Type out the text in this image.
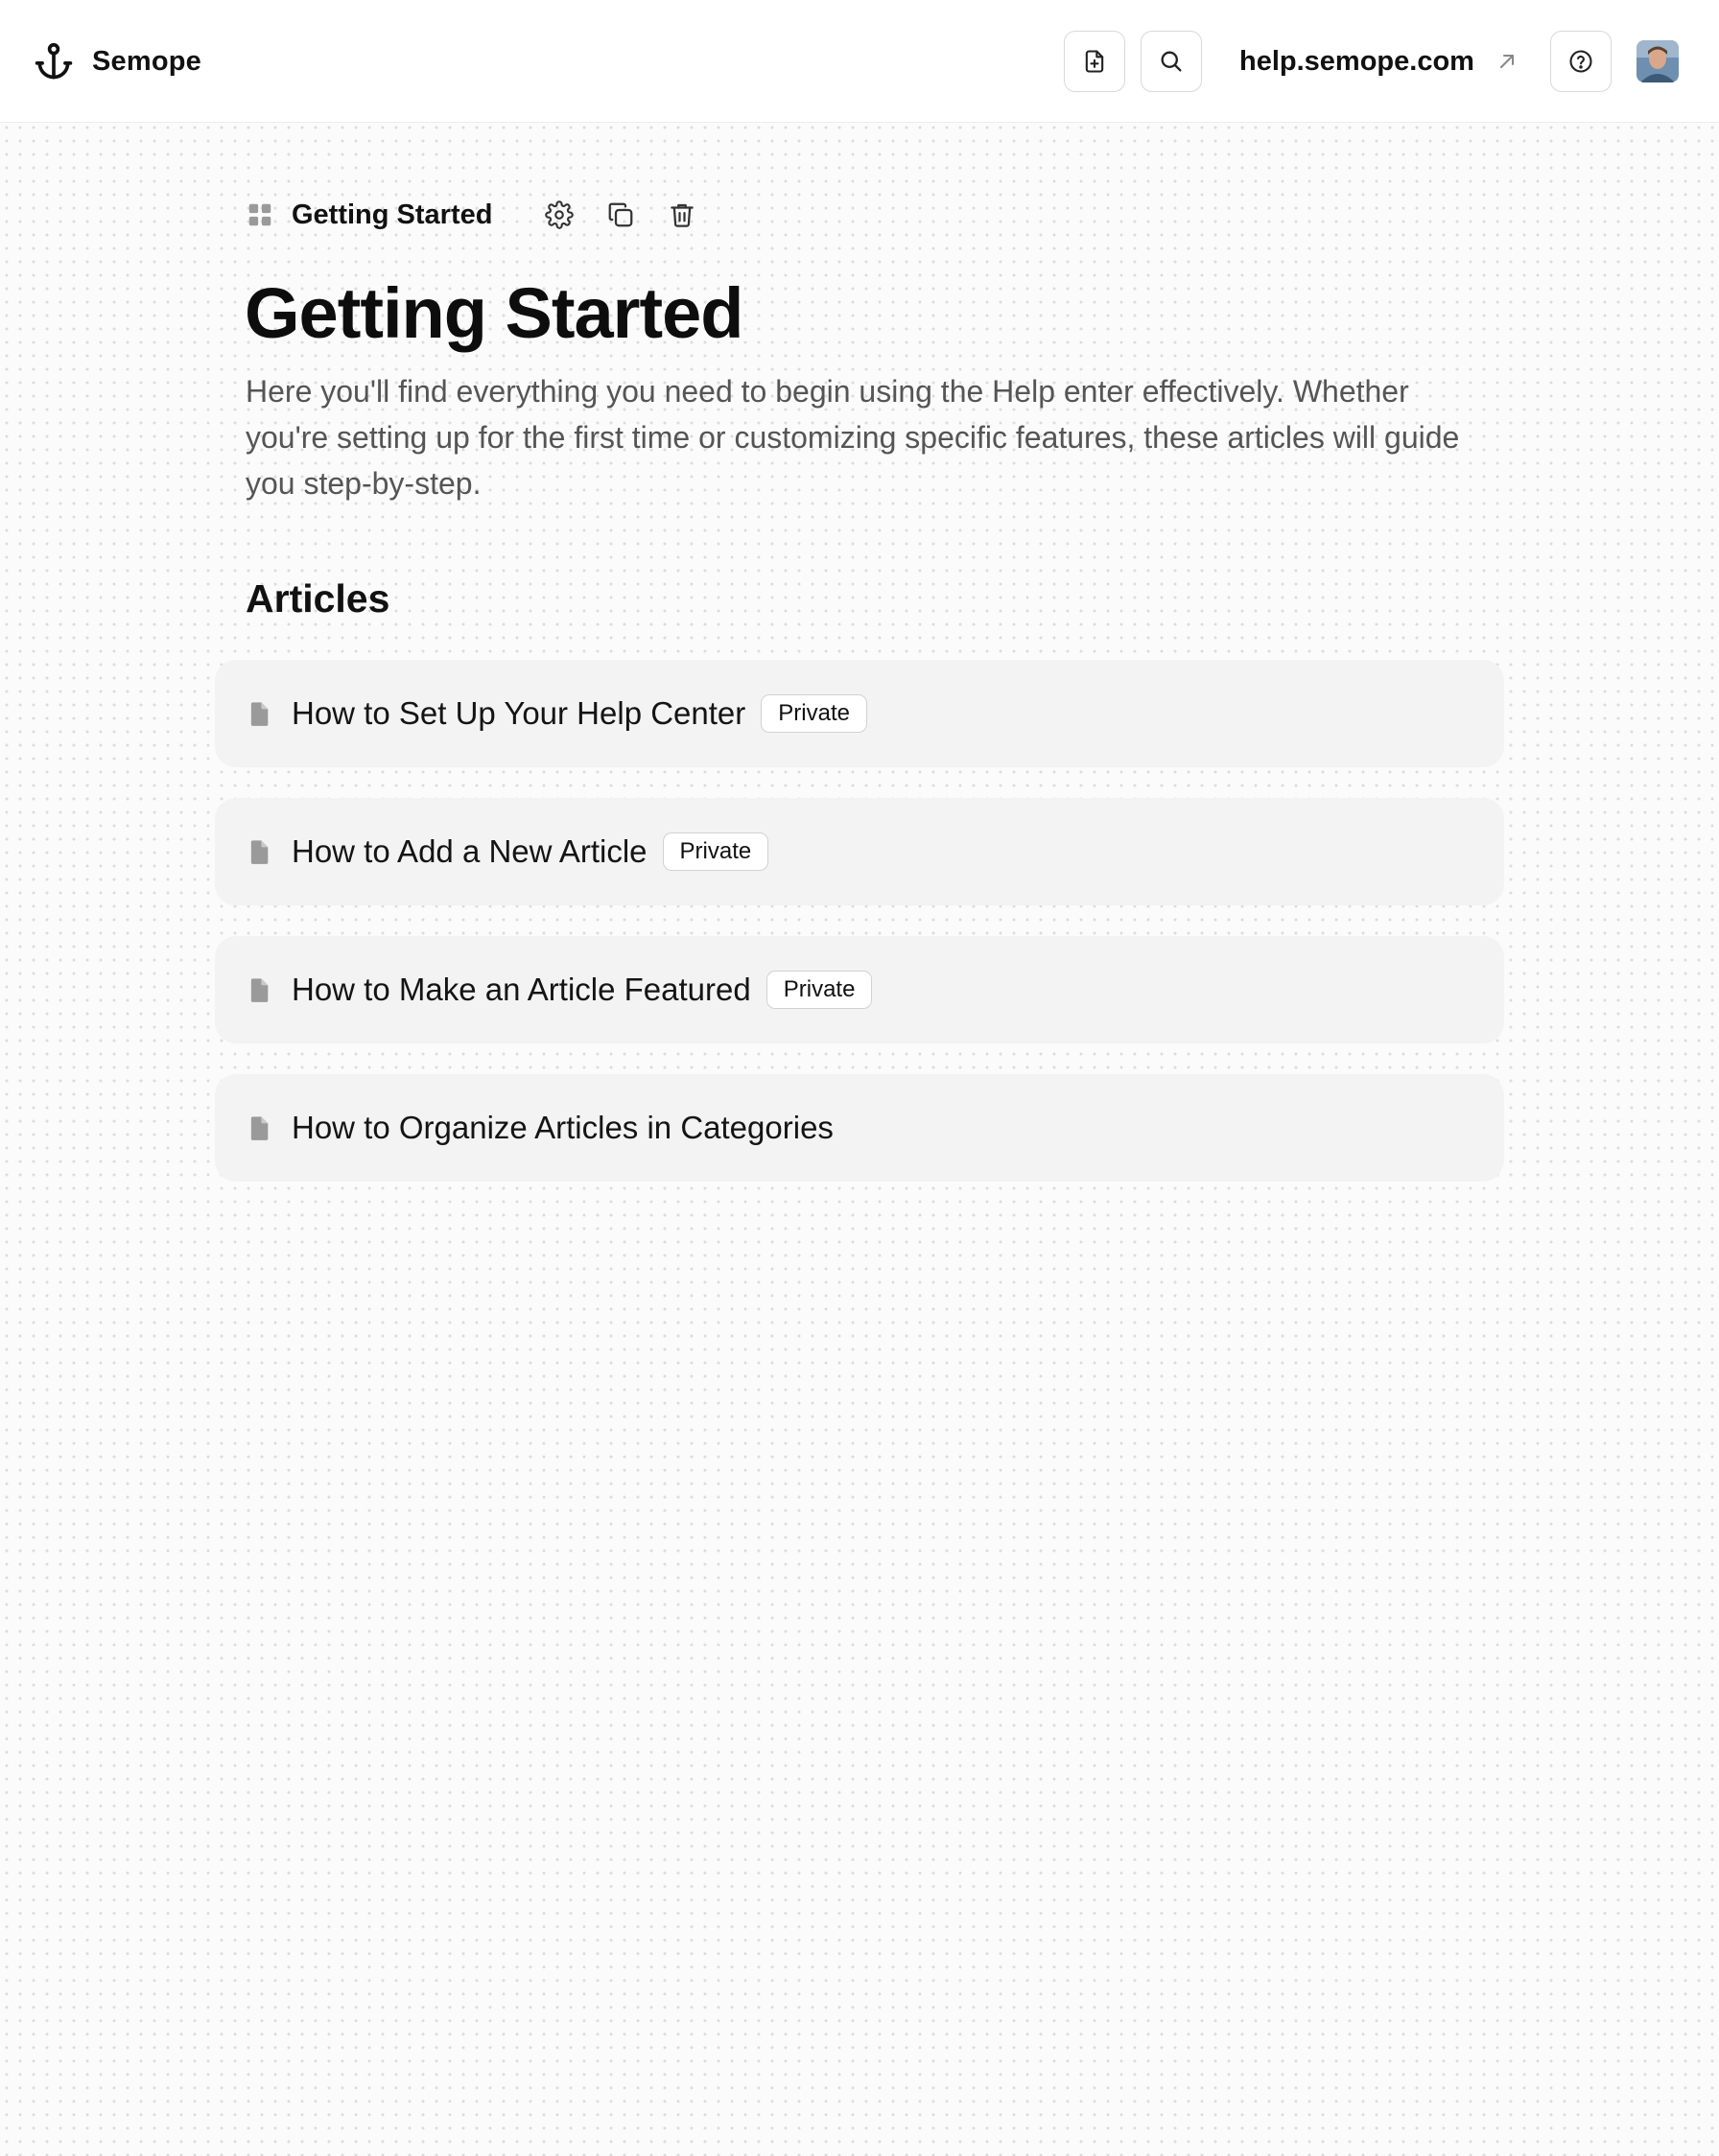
Semope	help.semope.com
Getting Started
Getting Started

Here you'll find everything you need to begin using the Help enter effectively. Whether you're setting up for the first time or customizing specific features, these articles will guide you step-by-step.

Articles
How to Set Up Your Help Center	Private
How to Add a New Article	Private
How to Make an Article Featured	Private
How to Organize Articles in Categories
